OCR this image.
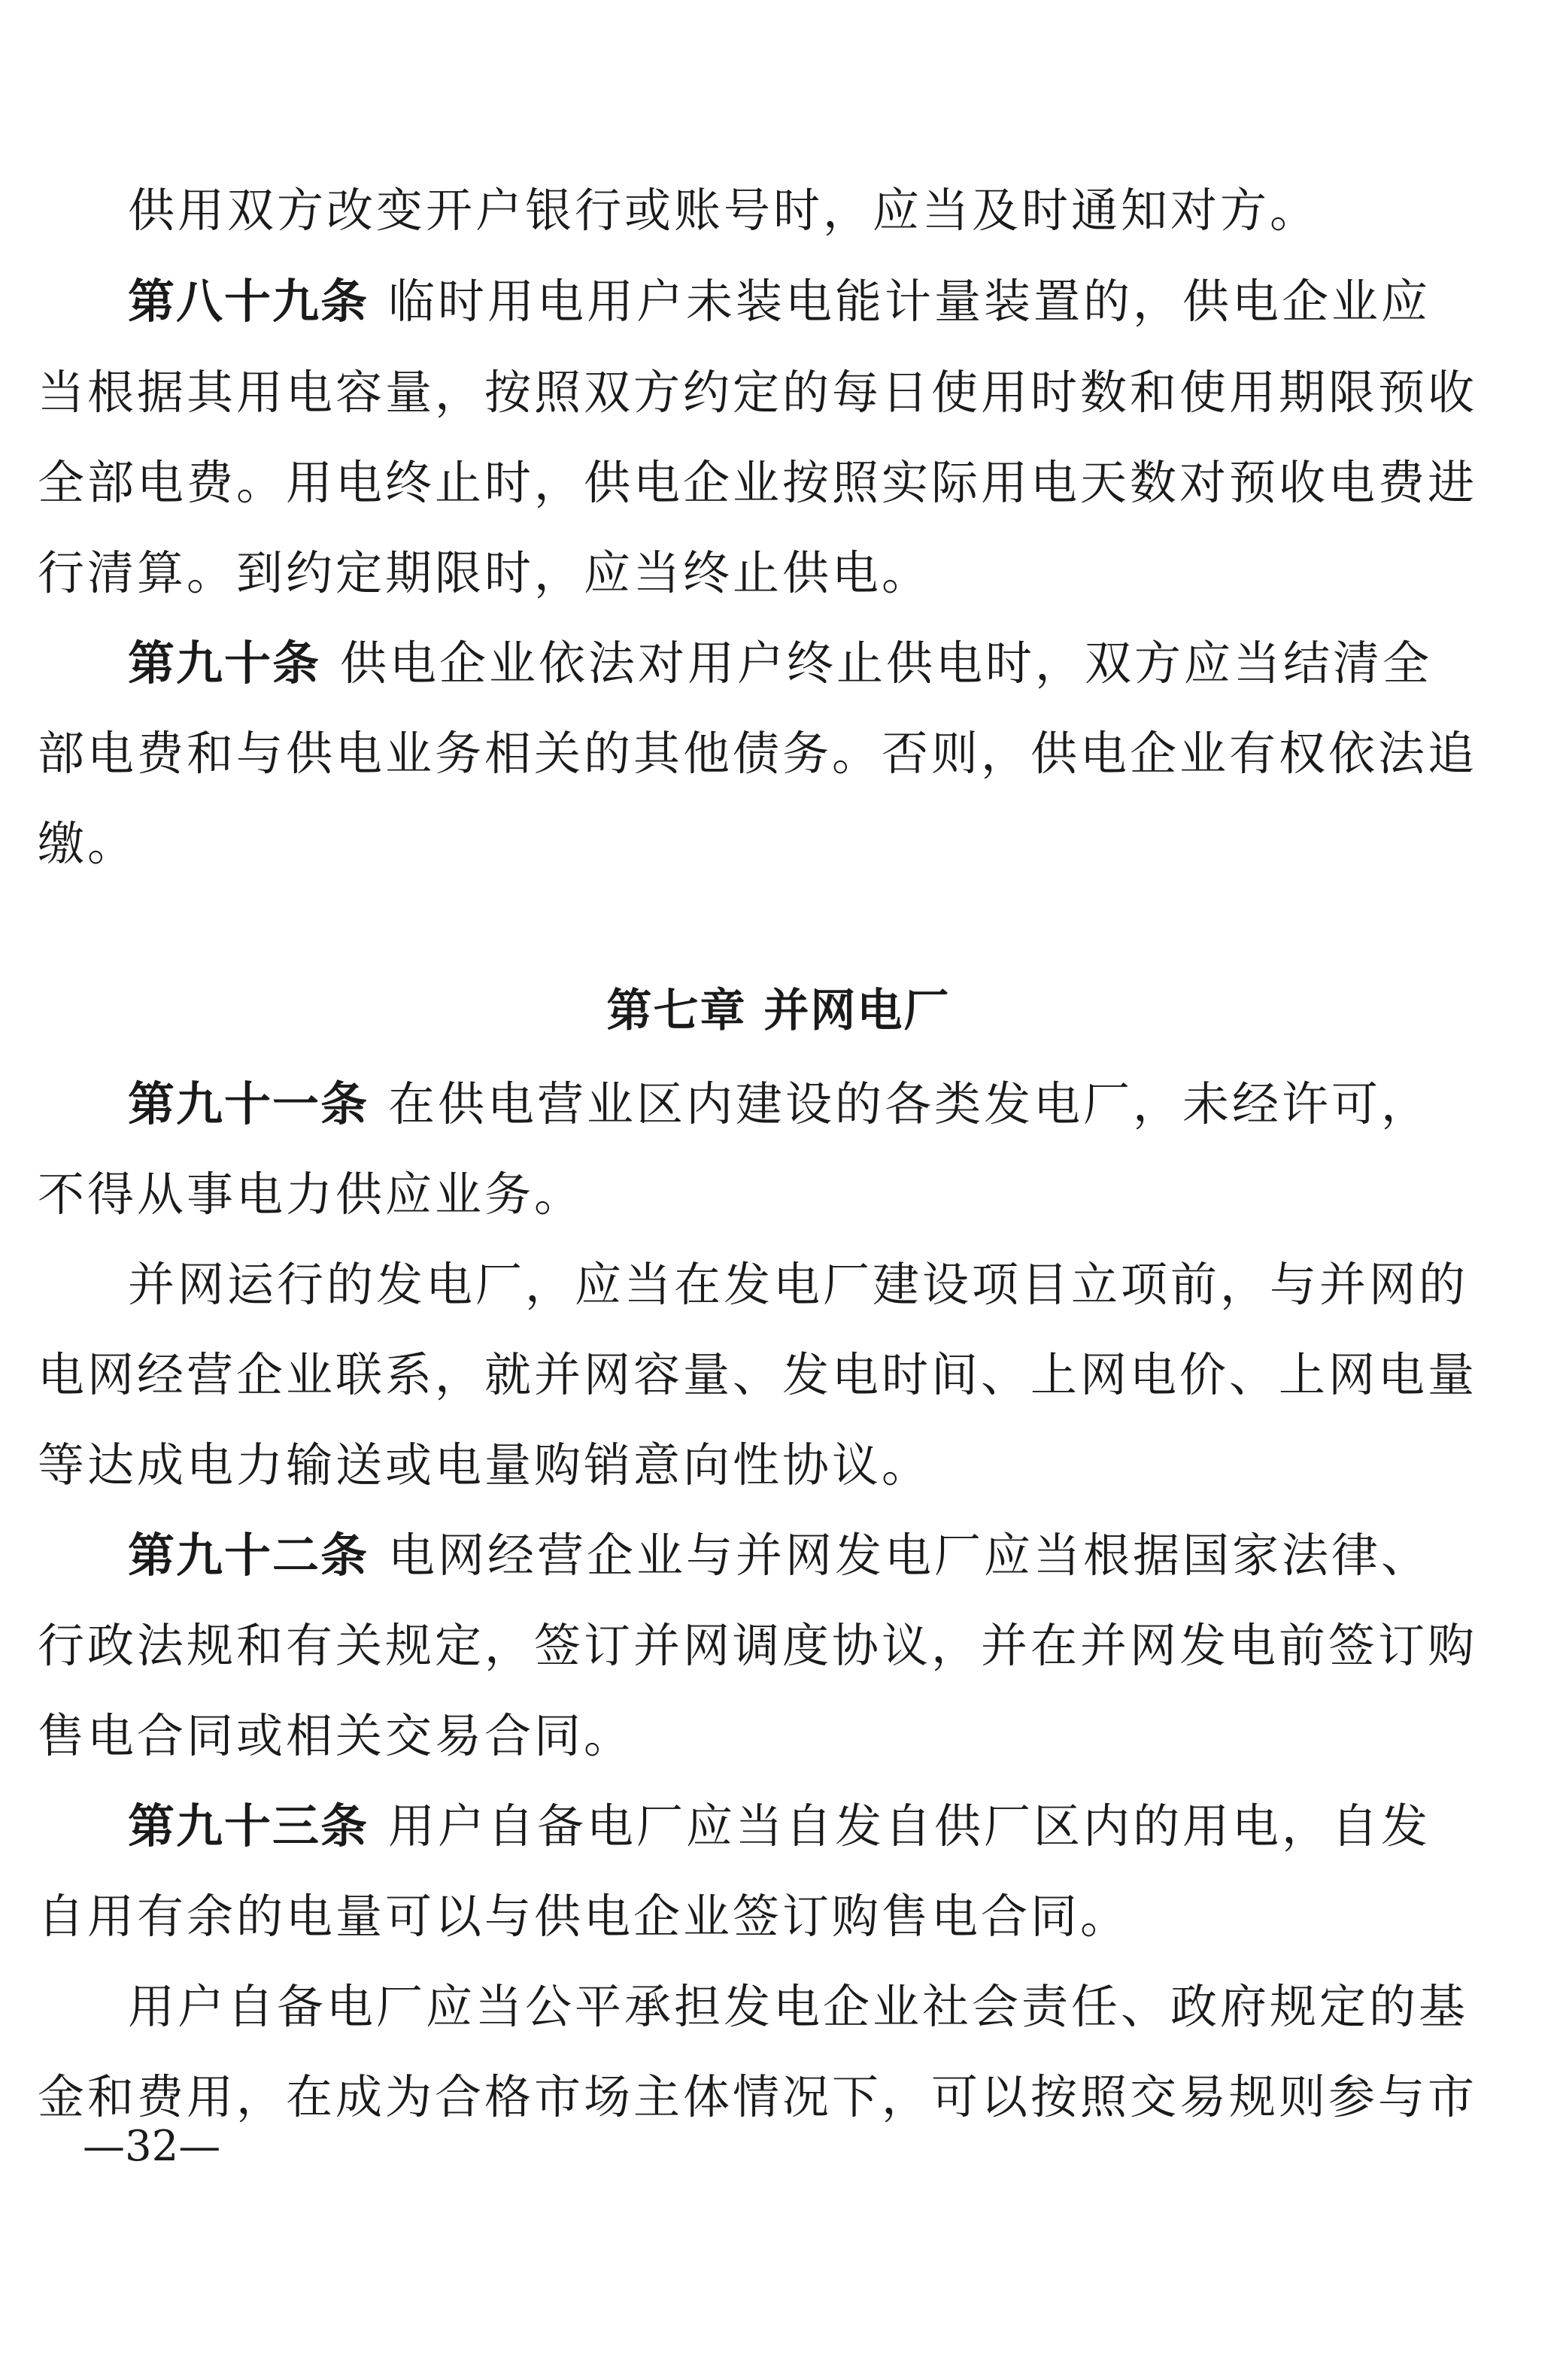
供用双方改变开户银行或账号时，应当及时通知对方。
第八十九条 临时用电用户未装电能计量装置的，供电企业应
当根据其用电容量，按照双方约定的每日使用时数和使用期限预收
全部电费。用电终止时，供电企业按照实际用电天数对预收电费进
行清算。到约定期限时，应当终止供电。
第九十条 供电企业依法对用户终止供电时，双方应当结清全
部电费和与供电业务相关的其他债务。否则，供电企业有权依法追
缴。
第七章 并网电厂
第九十一条 在供电营业区内建设的各类发电厂，未经许可，
不得从事电力供应业务。
并网运行的发电厂，应当在发电厂建设项目立项前，与并网的
电网经营企业联系，就并网容量、发电时间、上网电价、上网电量
等达成电力输送或电量购销意向性协议。
第九十二条 电网经营企业与并网发电厂应当根据国家法律、
行政法规和有关规定，签订并网调度协议，并在并网发电前签订购
售电合同或相关交易合同。
第九十三条 用户自备电厂应当自发自供厂区内的用电，自发
自用有余的电量可以与供电企业签订购售电合同。
用户自备电厂应当公平承担发电企业社会责任、政府规定的基
金和费用，在成为合格市场主体情况下，可以按照交易规则参与市
—32—
